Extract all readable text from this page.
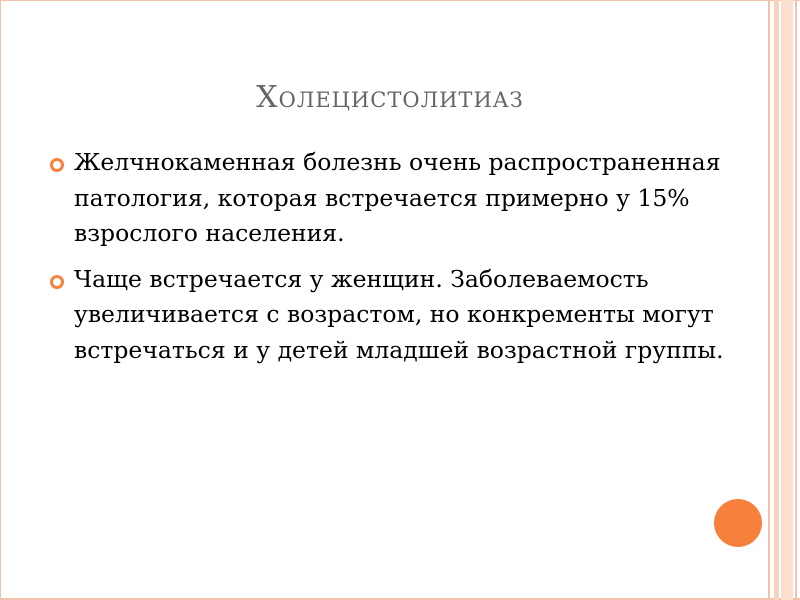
Холецистолитиаз
Желчнокаменная болезнь очень распространенная патология, которая встречается примерно у 15% взрослого населения.
Чаще встречается у женщин. Заболеваемость увеличивается с возрастом, но конкременты могут встречаться и у детей младшей возрастной группы.
